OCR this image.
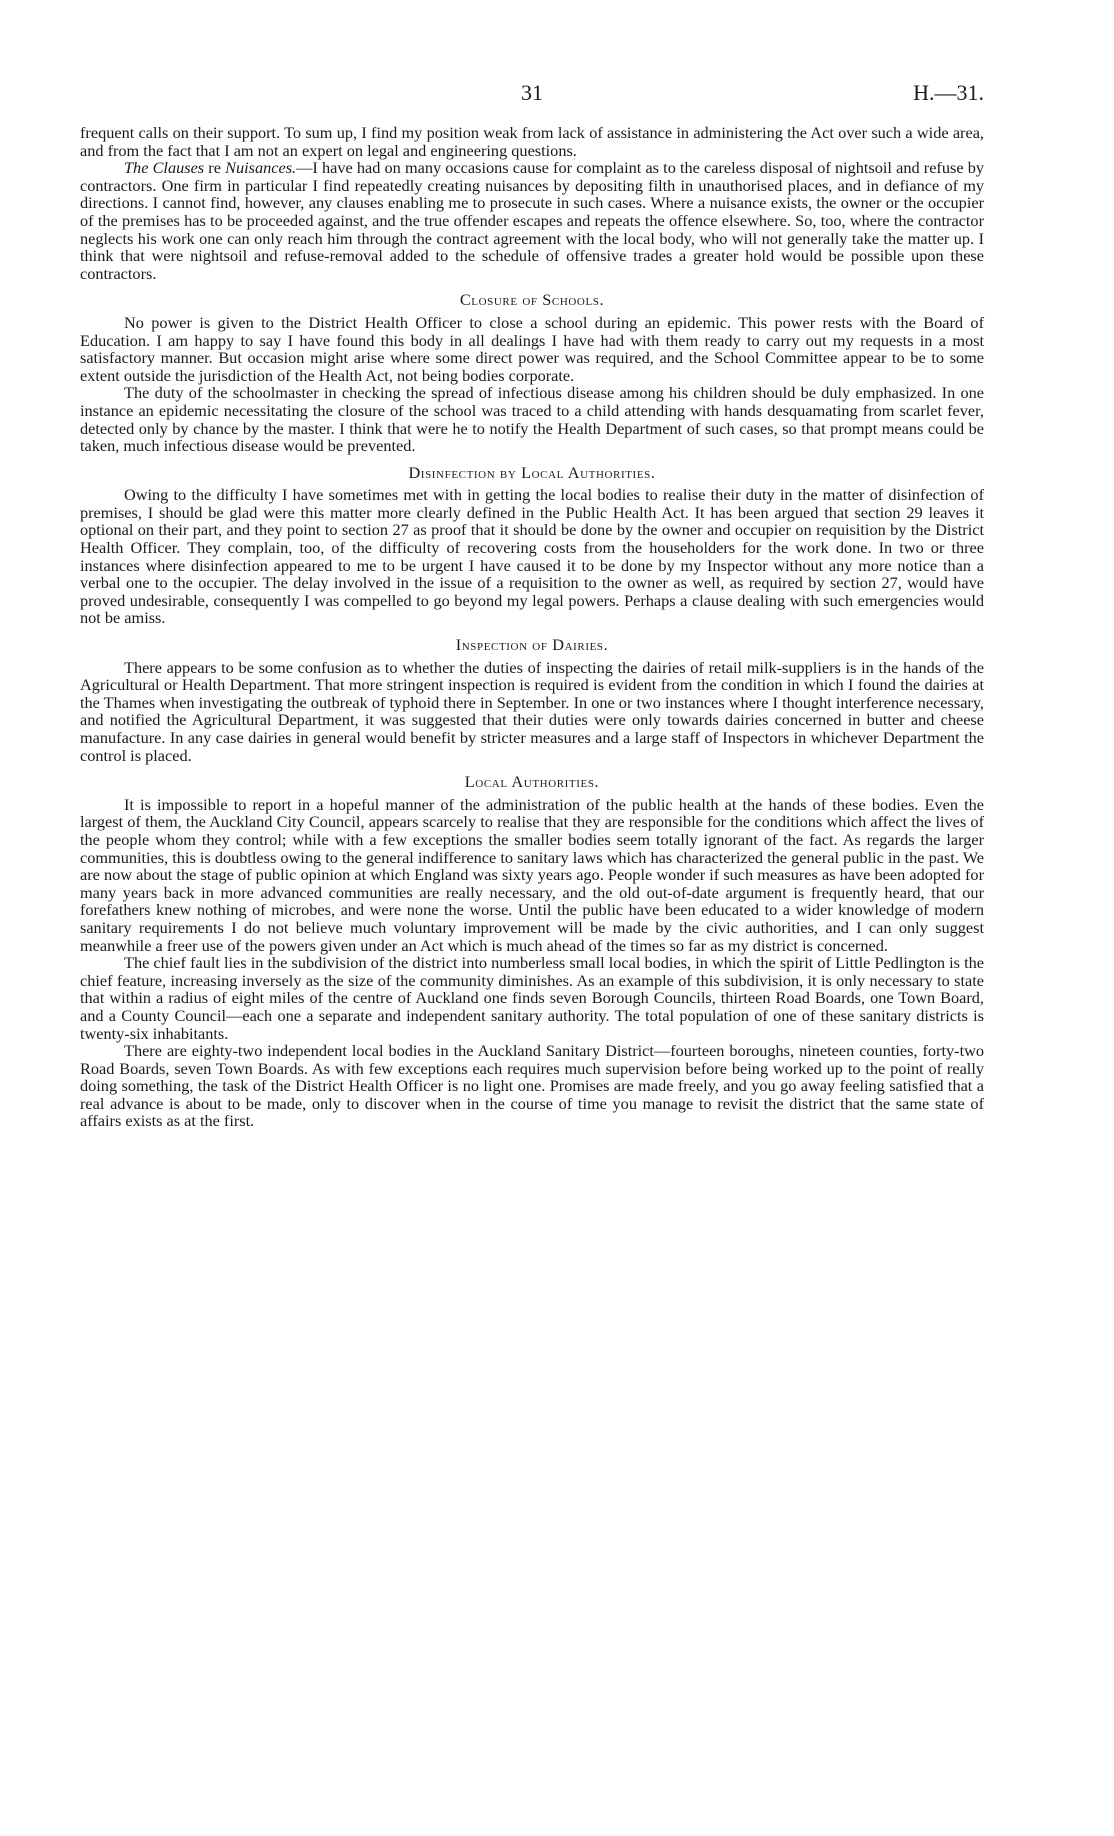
31	H.—31.

frequent calls on their support. To sum up, I find my position weak from lack of assistance in administering the Act over such a wide area, and from the fact that I am not an expert on legal and engineering questions.

The Clauses re Nuisances.—I have had on many occasions cause for complaint as to the careless disposal of nightsoil and refuse by contractors. One firm in particular I find repeatedly creating nuisances by depositing filth in unauthorised places, and in defiance of my directions. I cannot find, however, any clauses enabling me to prosecute in such cases. Where a nuisance exists, the owner or the occupier of the premises has to be proceeded against, and the true offender escapes and repeats the offence elsewhere. So, too, where the contractor neglects his work one can only reach him through the contract agreement with the local body, who will not generally take the matter up. I think that were nightsoil and refuse-removal added to the schedule of offensive trades a greater hold would be possible upon these contractors.

Closure of Schools.

No power is given to the District Health Officer to close a school during an epidemic. This power rests with the Board of Education. I am happy to say I have found this body in all dealings I have had with them ready to carry out my requests in a most satisfactory manner. But occasion might arise where some direct power was required, and the School Committee appear to be to some extent outside the jurisdiction of the Health Act, not being bodies corporate.

The duty of the schoolmaster in checking the spread of infectious disease among his children should be duly emphasized. In one instance an epidemic necessitating the closure of the school was traced to a child attending with hands desquamating from scarlet fever, detected only by chance by the master. I think that were he to notify the Health Department of such cases, so that prompt means could be taken, much infectious disease would be prevented.

Disinfection by Local Authorities.

Owing to the difficulty I have sometimes met with in getting the local bodies to realise their duty in the matter of disinfection of premises, I should be glad were this matter more clearly defined in the Public Health Act. It has been argued that section 29 leaves it optional on their part, and they point to section 27 as proof that it should be done by the owner and occupier on requisition by the District Health Officer. They complain, too, of the difficulty of recovering costs from the householders for the work done. In two or three instances where disinfection appeared to me to be urgent I have caused it to be done by my Inspector without any more notice than a verbal one to the occupier. The delay involved in the issue of a requisition to the owner as well, as required by section 27, would have proved undesirable, consequently I was compelled to go beyond my legal powers. Perhaps a clause dealing with such emergencies would not be amiss.

Inspection of Dairies.

There appears to be some confusion as to whether the duties of inspecting the dairies of retail milk-suppliers is in the hands of the Agricultural or Health Department. That more stringent inspection is required is evident from the condition in which I found the dairies at the Thames when investigating the outbreak of typhoid there in September. In one or two instances where I thought interference necessary, and notified the Agricultural Department, it was suggested that their duties were only towards dairies concerned in butter and cheese manufacture. In any case dairies in general would benefit by stricter measures and a large staff of Inspectors in whichever Department the control is placed.

Local Authorities.

It is impossible to report in a hopeful manner of the administration of the public health at the hands of these bodies. Even the largest of them, the Auckland City Council, appears scarcely to realise that they are responsible for the conditions which affect the lives of the people whom they control; while with a few exceptions the smaller bodies seem totally ignorant of the fact. As regards the larger communities, this is doubtless owing to the general indifference to sanitary laws which has characterized the general public in the past. We are now about the stage of public opinion at which England was sixty years ago. People wonder if such measures as have been adopted for many years back in more advanced communities are really necessary, and the old out-of-date argument is frequently heard, that our forefathers knew nothing of microbes, and were none the worse. Until the public have been educated to a wider knowledge of modern sanitary requirements I do not believe much voluntary improvement will be made by the civic authorities, and I can only suggest meanwhile a freer use of the powers given under an Act which is much ahead of the times so far as my district is concerned.

The chief fault lies in the subdivision of the district into numberless small local bodies, in which the spirit of Little Pedlington is the chief feature, increasing inversely as the size of the community diminishes. As an example of this subdivision, it is only necessary to state that within a radius of eight miles of the centre of Auckland one finds seven Borough Councils, thirteen Road Boards, one Town Board, and a County Council—each one a separate and independent sanitary authority. The total population of one of these sanitary districts is twenty-six inhabitants.

There are eighty-two independent local bodies in the Auckland Sanitary District—fourteen boroughs, nineteen counties, forty-two Road Boards, seven Town Boards. As with few exceptions each requires much supervision before being worked up to the point of really doing something, the task of the District Health Officer is no light one. Promises are made freely, and you go away feeling satisfied that a real advance is about to be made, only to discover when in the course of time you manage to revisit the district that the same state of affairs exists as at the first.
